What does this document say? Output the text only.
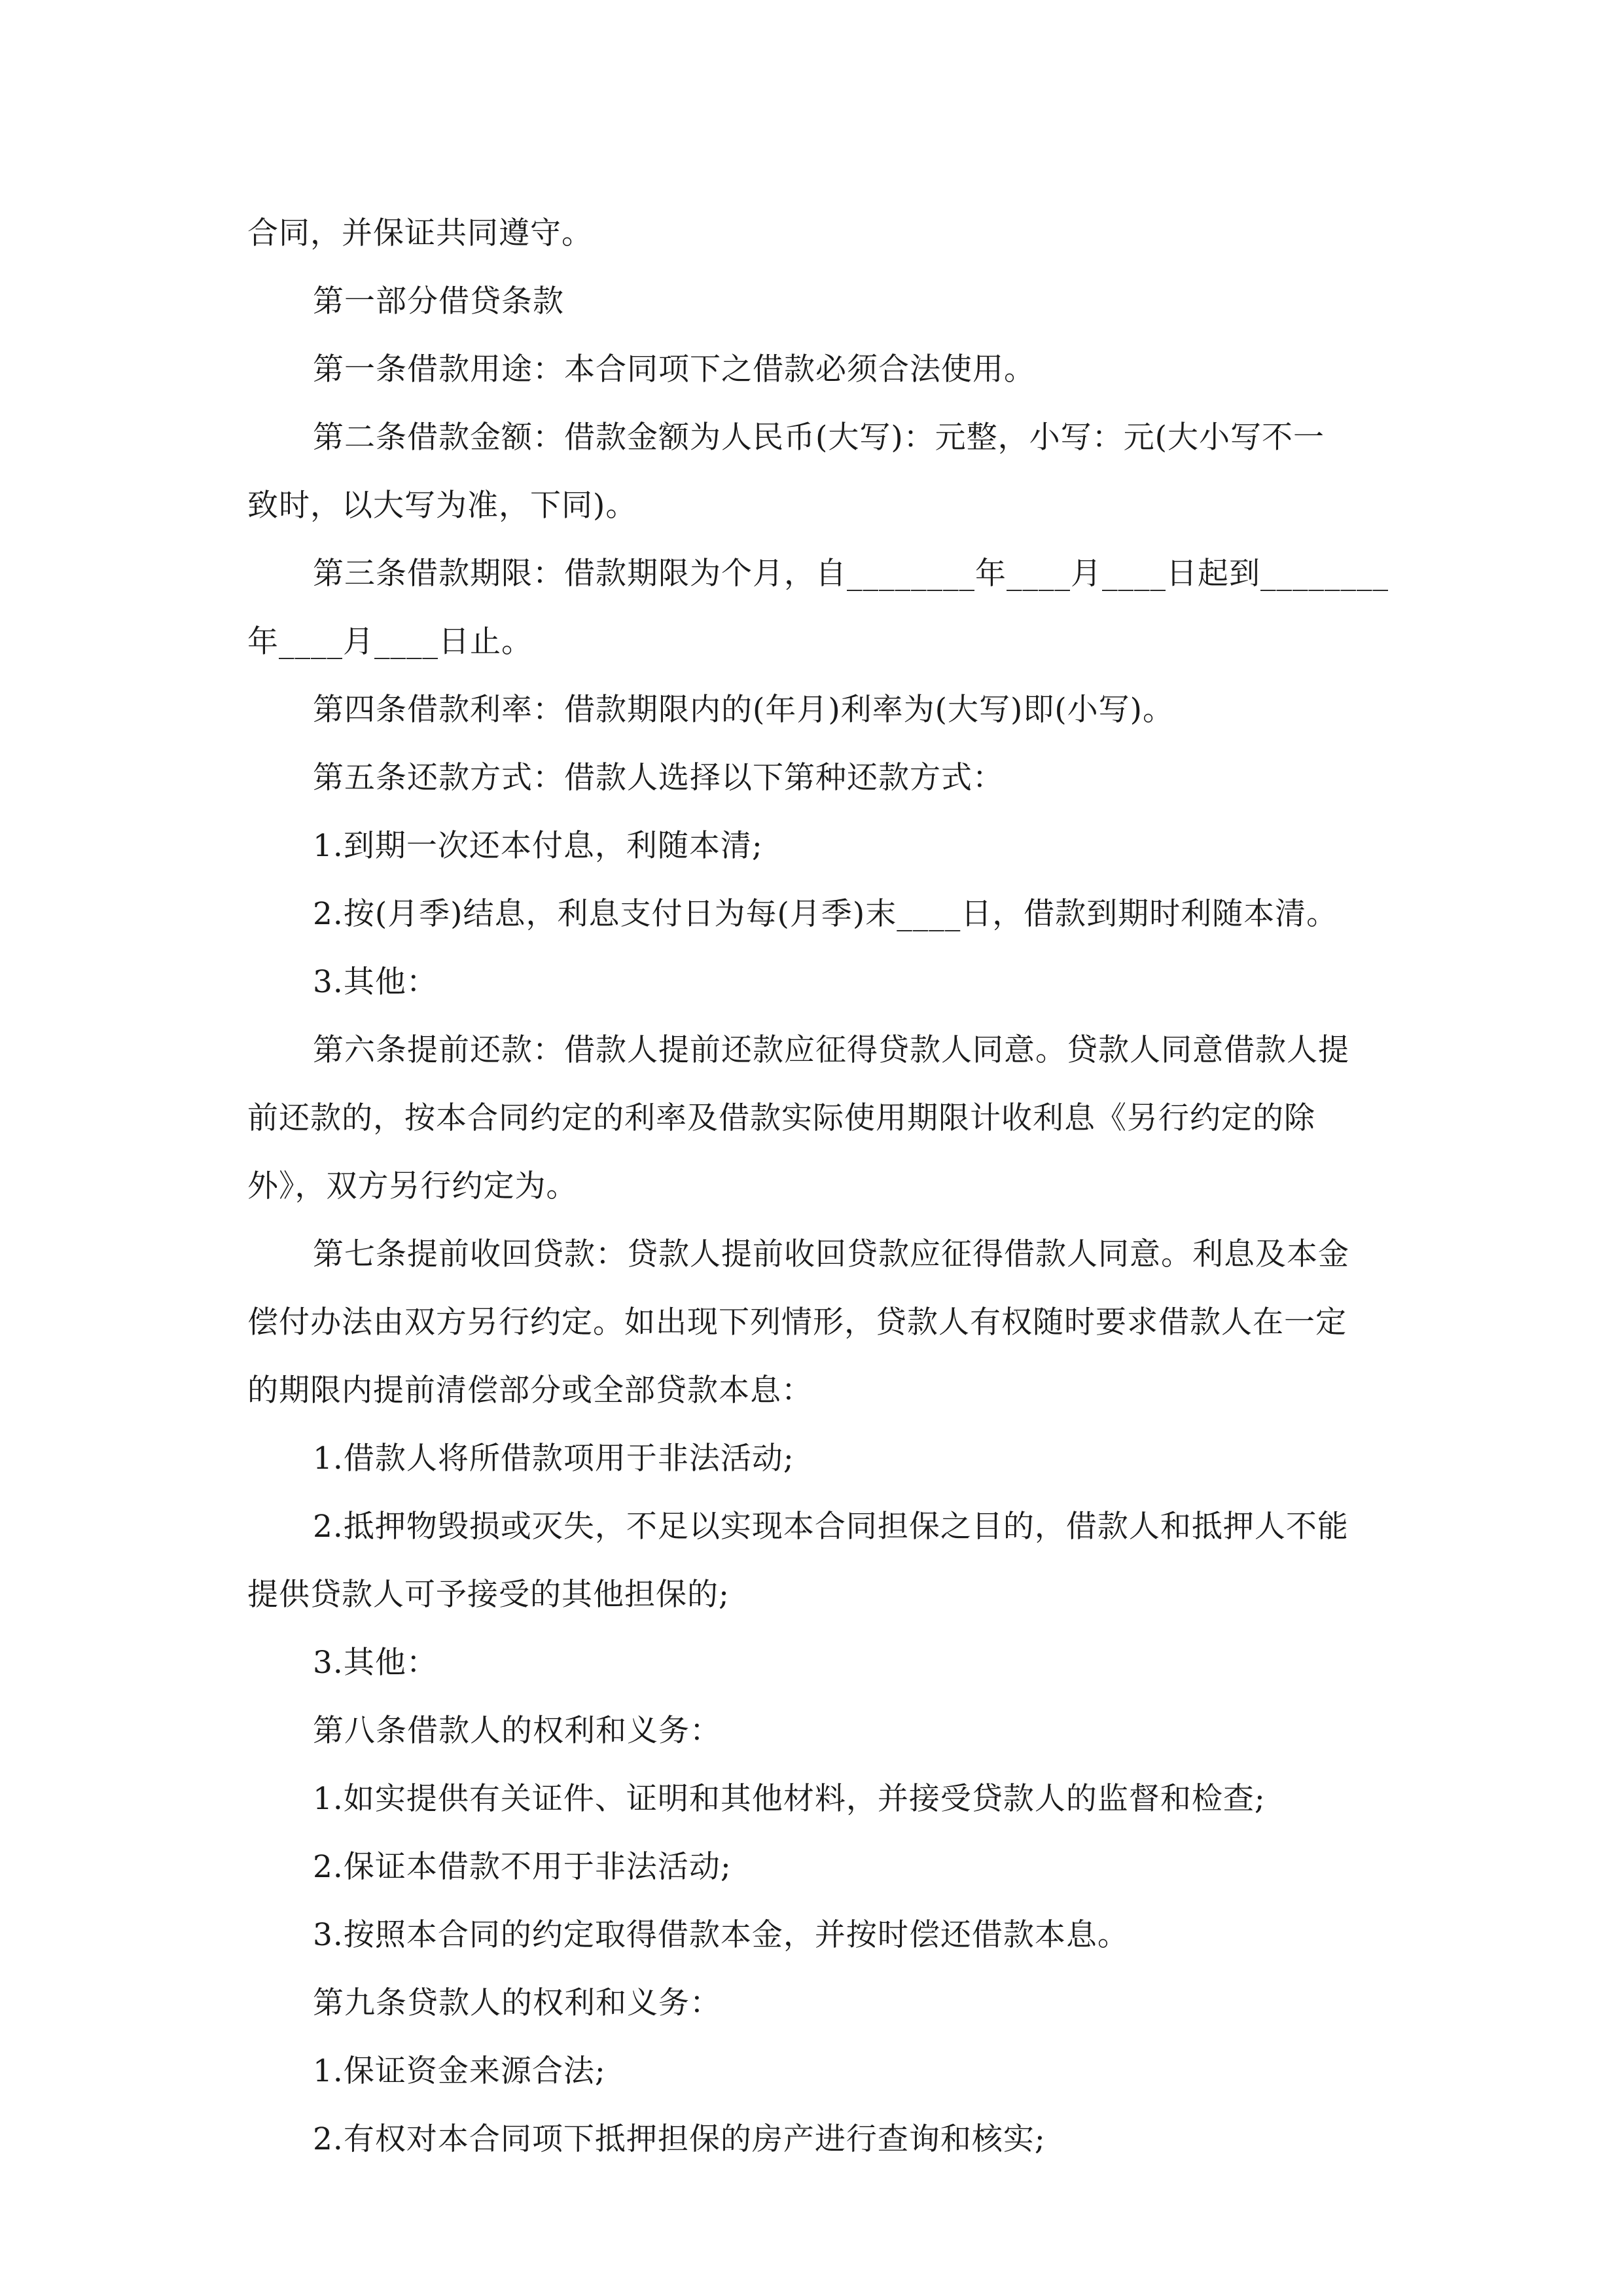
合同，并保证共同遵守。
第一部分借贷条款
第一条借款用途：本合同项下之借款必须合法使用。
第二条借款金额：借款金额为人民币(大写)：元整，小写：元(大小写不一
致时，以大写为准，下同)。
第三条借款期限：借款期限为个月，自________年____月____日起到________
年____月____日止。
第四条借款利率：借款期限内的(年月)利率为(大写)即(小写)。
第五条还款方式：借款人选择以下第种还款方式：
1.到期一次还本付息，利随本清;
2.按(月季)结息，利息支付日为每(月季)末____日，借款到期时利随本清。
3.其他：
第六条提前还款：借款人提前还款应征得贷款人同意。贷款人同意借款人提
前还款的，按本合同约定的利率及借款实际使用期限计收利息《另行约定的除
外》，双方另行约定为。
第七条提前收回贷款：贷款人提前收回贷款应征得借款人同意。利息及本金
偿付办法由双方另行约定。如出现下列情形，贷款人有权随时要求借款人在一定
的期限内提前清偿部分或全部贷款本息：
1.借款人将所借款项用于非法活动;
2.抵押物毁损或灭失，不足以实现本合同担保之目的，借款人和抵押人不能
提供贷款人可予接受的其他担保的;
3.其他：
第八条借款人的权利和义务：
1.如实提供有关证件、证明和其他材料，并接受贷款人的监督和检查;
2.保证本借款不用于非法活动;
3.按照本合同的约定取得借款本金，并按时偿还借款本息。
第九条贷款人的权利和义务：
1.保证资金来源合法;
2.有权对本合同项下抵押担保的房产进行查询和核实;
